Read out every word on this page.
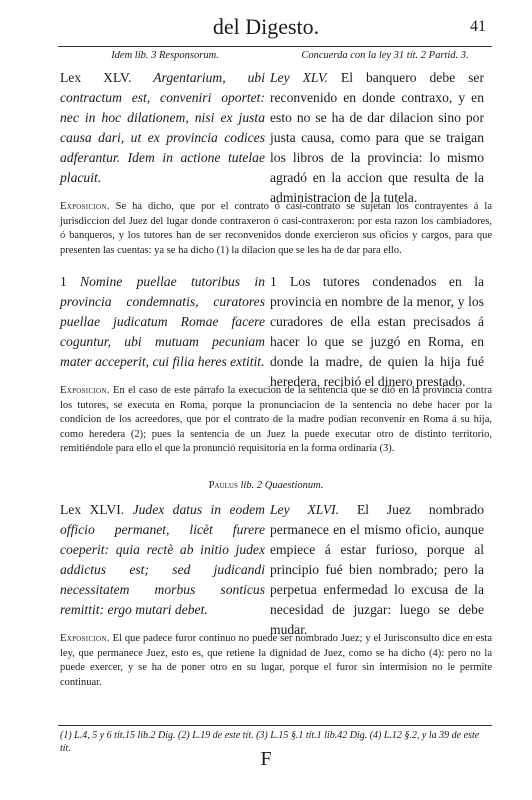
del Digesto.	41
Idem lib. 3 Responsorum.	Concuerda con la ley 31 tít. 2 Partid. 3.
Lex XLV. Argentarium, ubi contractum est, conveniri oportet: nec in hoc dilationem, nisi ex justa causa dari, ut ex provincia codices adferantur. Idem in actione tutelae placuit.
Ley XLV. El banquero debe ser reconvenido en donde contraxo, y en esto no se ha de dar dilacion sino por justa causa, como para que se traigan los libros de la provincia: lo mismo agradó en la accion que resulta de la administracion de la tutela.
Exposicion. Se ha dicho, que por el contrato ó casi-contrato se sujetan los contrayentes á la jurisdiccion del Juez del lugar donde contraxeron ó casi-contraxeron: por esta razon los cambiadores, ó banqueros, y los tutores han de ser reconvenidos donde exercieron sus oficios y cargos, para que presenten las cuentas: ya se ha dicho (1) la dilacion que se les ha de dar para ello.
1 Nomine puellae tutoribus in provincia condemnatis, curatores puellae judicatum Romae facere coguntur, ubi mutuam pecuniam mater acceperit, cui filia heres extitit.
1 Los tutores condenados en la provincia en nombre de la menor, y los curadores de ella estan precisados á hacer lo que se juzgó en Roma, en donde la madre, de quien la hija fué heredera, recibió el dinero prestado.
Exposicion. En el caso de este párrafo la execucion de la sentencia que se dió en la provincia contra los tutores, se executa en Roma, porque la pronunciacion de la sentencia no debe hacer por la condicion de los acreedores, que por el contrato de la madre podian reconvenir en Roma á su hija, como heredera (2); pues la sentencia de un Juez la puede executar otro de distinto territorio, remitiéndole para ello el que la pronunció requisitoria en la forma ordinaria (3).
Paulus lib. 2 Quaestionum.
Lex XLVI. Judex datus in eodem officio permanet, licèt furere coeperit: quia rectè ab initio judex addictus est; sed judicandi necessitatem morbus sonticus remittit: ergo mutari debet.
Ley XLVI. El Juez nombrado permanece en el mismo oficio, aunque empiece á estar furioso, porque al principio fué bien nombrado; pero la perpetua enfermedad lo excusa de la necesidad de juzgar: luego se debe mudar.
Exposicion. El que padece furor continuo no puede ser nombrado Juez; y el Jurisconsulto dice en esta ley, que permanece Juez, esto es, que retiene la dignidad de Juez, como se ha dicho (4): pero no la puede exercer, y se ha de poner otro en su lugar, porque el furor sin intermision no le permite continuar.
(1) L.4, 5 y 6 tít.15 lib.2 Dig. (2) L.19 de este tít. (3) L.15 §.1 tít.1 lib.42 Dig. (4) L.12 §.2, y la 39 de este tít.	F
